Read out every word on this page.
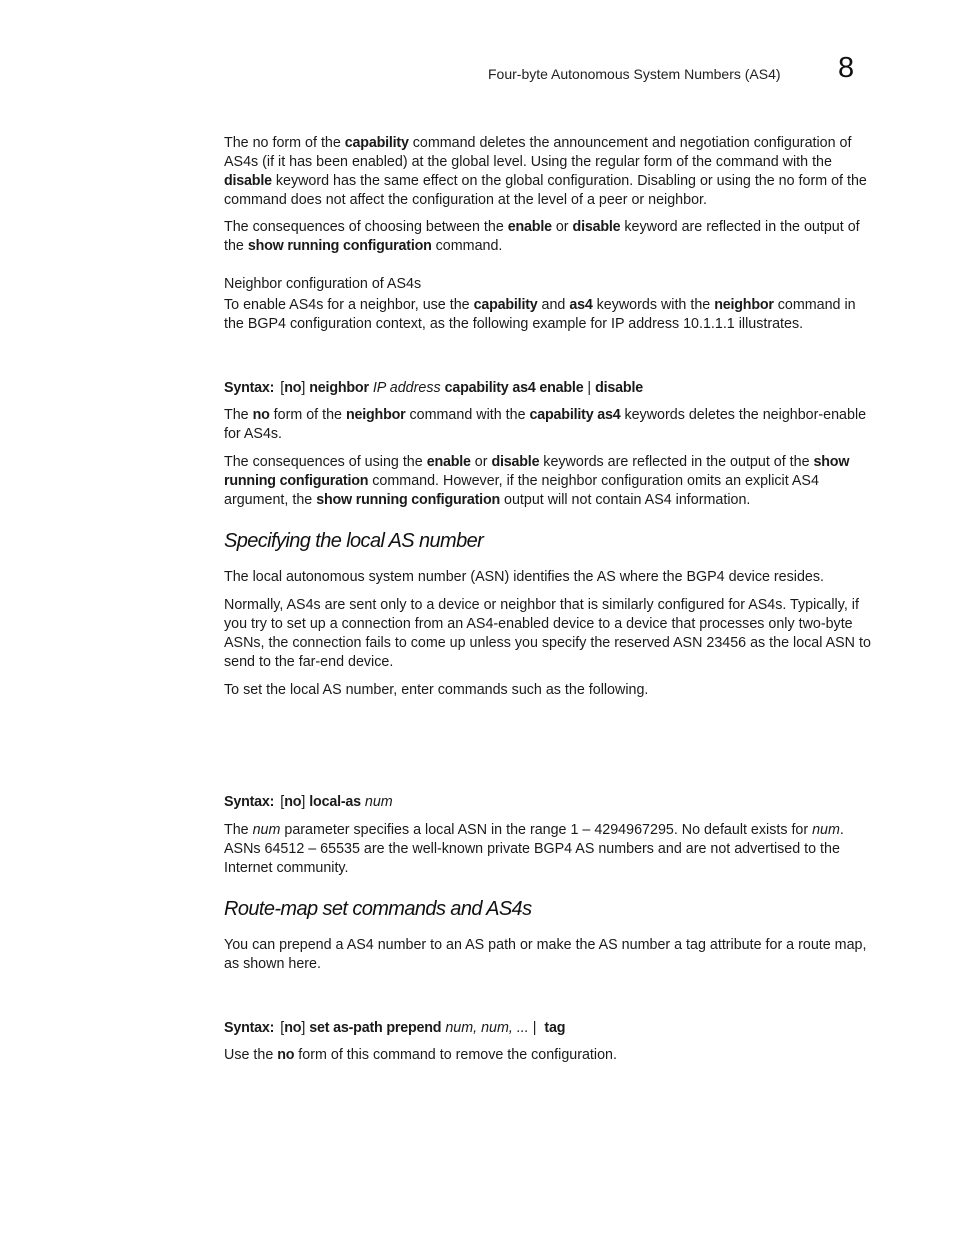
Four-byte Autonomous System Numbers (AS4) 8

The no form of the capability command deletes the announcement and negotiation configuration of AS4s (if it has been enabled) at the global level. Using the regular form of the command with the disable keyword has the same effect on the global configuration. Disabling or using the no form of the command does not affect the configuration at the level of a peer or neighbor.

The consequences of choosing between the enable or disable keyword are reflected in the output of the show running configuration command.

Neighbor configuration of AS4s

To enable AS4s for a neighbor, use the capability and as4 keywords with the neighbor command in the BGP4 configuration context, as the following example for IP address 10.1.1.1 illustrates.

Syntax: [no] neighbor IP address capability as4 enable | disable

The no form of the neighbor command with the capability as4 keywords deletes the neighbor-enable for AS4s.

The consequences of using the enable or disable keywords are reflected in the output of the show running configuration command. However, if the neighbor configuration omits an explicit AS4 argument, the show running configuration output will not contain AS4 information.

Specifying the local AS number

The local autonomous system number (ASN) identifies the AS where the BGP4 device resides.

Normally, AS4s are sent only to a device or neighbor that is similarly configured for AS4s. Typically, if you try to set up a connection from an AS4-enabled device to a device that processes only two-byte ASNs, the connection fails to come up unless you specify the reserved ASN 23456 as the local ASN to send to the far-end device.

To set the local AS number, enter commands such as the following.

Syntax: [no] local-as num

The num parameter specifies a local ASN in the range 1 – 4294967295. No default exists for num. ASNs 64512 – 65535 are the well-known private BGP4 AS numbers and are not advertised to the Internet community.

Route-map set commands and AS4s

You can prepend a AS4 number to an AS path or make the AS number a tag attribute for a route map, as shown here.

Syntax: [no] set as-path prepend num, num, ... |  tag

Use the no form of this command to remove the configuration.
